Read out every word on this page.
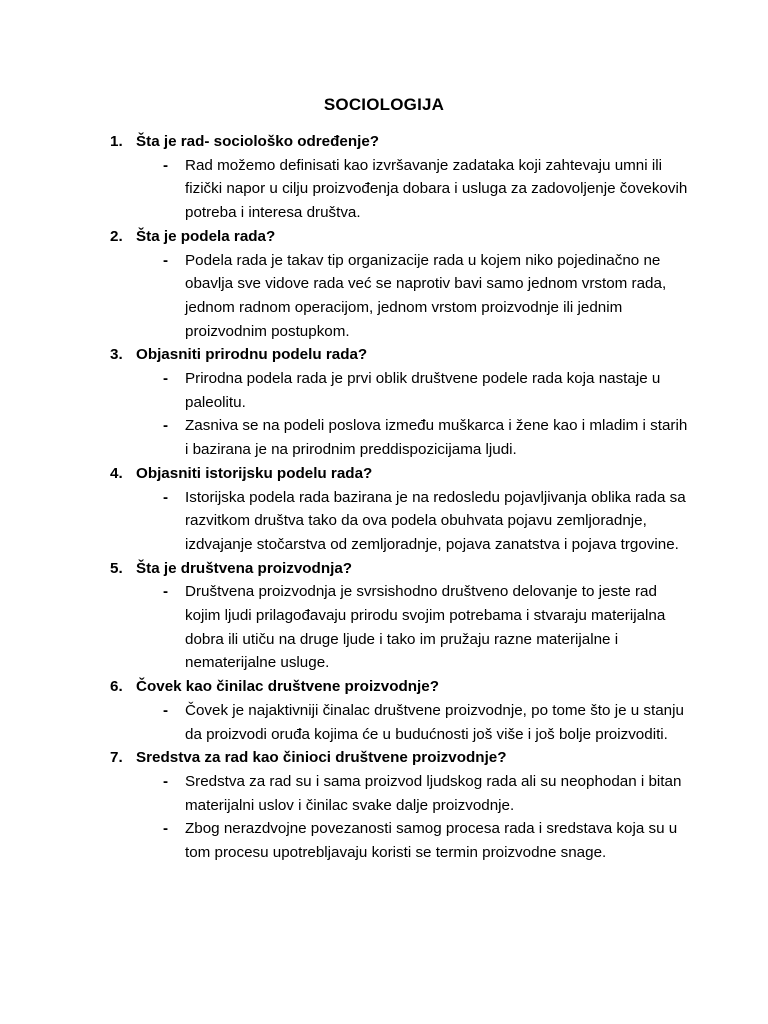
SOCIOLOGIJA
1. Šta je rad- sociološko određenje?
- Rad možemo definisati kao izvršavanje zadataka koji zahtevaju umni ili fizički napor u cilju proizvođenja dobara i usluga za zadovoljenje čovekovih potreba i interesa društva.
2. Šta je podela rada?
- Podela rada je takav tip organizacije rada u kojem niko pojedinačno ne obavlja sve vidove rada već se naprotiv bavi samo jednom vrstom rada, jednom radnom operacijom, jednom vrstom proizvodnje ili jednim proizvodnim postupkom.
3. Objasniti prirodnu podelu rada?
- Prirodna podela rada je prvi oblik društvene podele rada koja nastaje u paleolitu.
- Zasniva se na podeli poslova između muškarca i žene kao i mladim i starih i bazirana je na prirodnim preddispozicijama ljudi.
4. Objasniti istorijsku podelu rada?
- Istorijska podela rada bazirana je na redosledu pojavljivanja oblika rada sa razvitkom društva tako da ova podela obuhvata pojavu zemljoradnje, izdvajanje stočarstva od zemljoradnje, pojava zanatstva i pojava trgovine.
5. Šta je društvena proizvodnja?
- Društvena proizvodnja je svrsishodno društveno delovanje to jeste rad kojim ljudi prilagođavaju prirodu svojim potrebama i stvaraju materijalna dobra ili utiču na druge ljude i tako im pružaju razne materijalne i nematerijalne usluge.
6. Čovek kao činilac društvene proizvodnje?
- Čovek je najaktivniji činalac društvene proizvodnje, po tome što je u stanju da proizvodi oruđa kojima će u budućnosti još više i još bolje proizvoditi.
7. Sredstva za rad kao činioci društvene proizvodnje?
- Sredstva za rad su i sama proizvod ljudskog rada ali su neophodan i bitan materijalni uslov i činilac svake dalje proizvodnje.
- Zbog nerazdvojne povezanosti samog procesa rada i sredstava koja su u tom procesu upotrebljavaju koristi se termin proizvodne snage.
